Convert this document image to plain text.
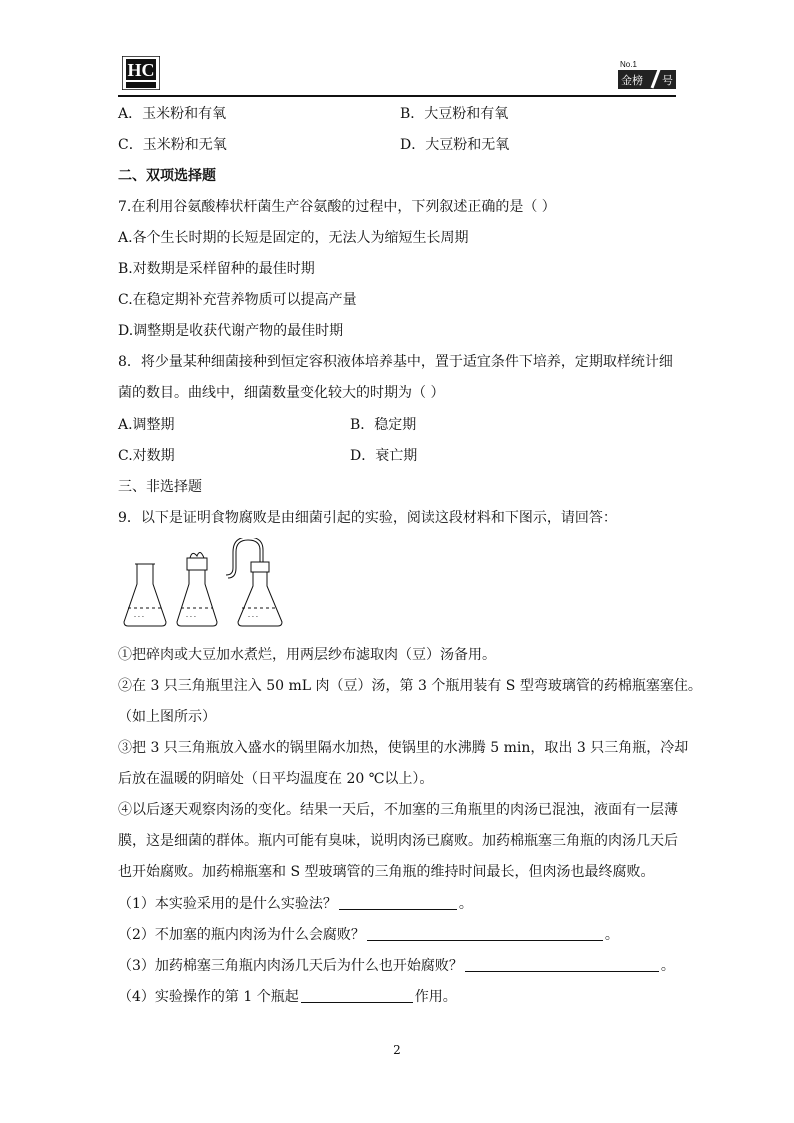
HC	No.1
金榜 号
A．玉米粉和有氧	B．大豆粉和有氧
C．玉米粉和无氧	D．大豆粉和无氧
二、双项选择题
7.在利用谷氨酸棒状杆菌生产谷氨酸的过程中，下列叙述正确的是（ ）
A.各个生长时期的长短是固定的，无法人为缩短生长周期
B.对数期是采样留种的最佳时期
C.在稳定期补充营养物质可以提高产量
D.调整期是收获代谢产物的最佳时期
8．将少量某种细菌接种到恒定容积液体培养基中，置于适宜条件下培养，定期取样统计细
菌的数目。曲线中，细菌数量变化较大的时期为（ ）
A.调整期	B．稳定期
C.对数期	D．衰亡期
三、非选择题
9．以下是证明食物腐败是由细菌引起的实验，阅读这段材料和下图示，请回答：
- - -	- - -	- - -
①把碎肉或大豆加水煮烂，用两层纱布滤取肉（豆）汤备用。
②在 3 只三角瓶里注入 50 mL 肉（豆）汤，第 3 个瓶用装有 S 型弯玻璃管的药棉瓶塞塞住。
（如上图所示）
③把 3 只三角瓶放入盛水的锅里隔水加热，使锅里的水沸腾 5 min，取出 3 只三角瓶，冷却
后放在温暖的阴暗处（日平均温度在 20 ℃以上）。
④以后逐天观察肉汤的变化。结果一天后，不加塞的三角瓶里的肉汤已混浊，液面有一层薄
膜，这是细菌的群体。瓶内可能有臭味，说明肉汤已腐败。加药棉瓶塞三角瓶的肉汤几天后
也开始腐败。加药棉瓶塞和 S 型玻璃管的三角瓶的维持时间最长，但肉汤也最终腐败。
（1）本实验采用的是什么实验法？	。
（2）不加塞的瓶内肉汤为什么会腐败？	。
（3）加药棉塞三角瓶内肉汤几天后为什么也开始腐败？	。
（4）实验操作的第 1 个瓶起	作用。
2
